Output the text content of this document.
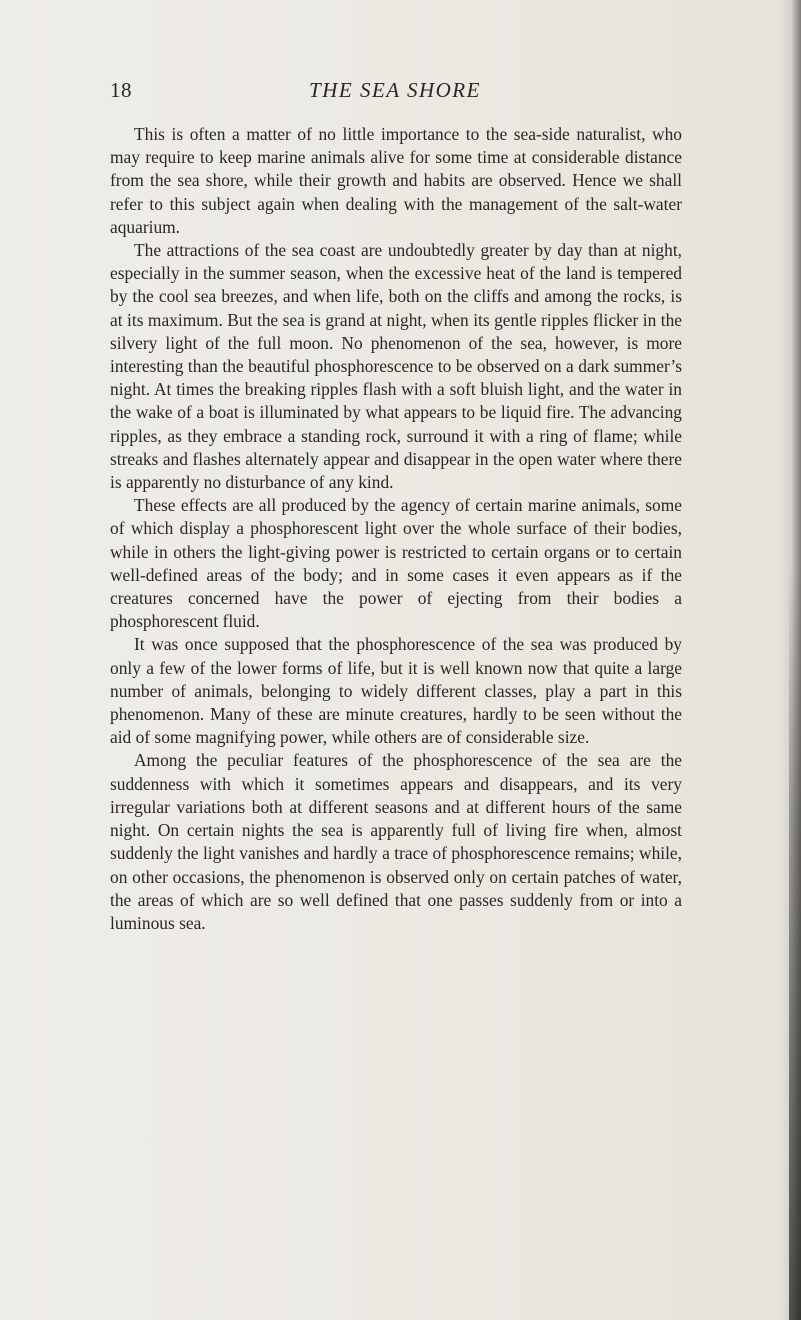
18	THE SEA SHORE

This is often a matter of no little importance to the sea-side naturalist, who may require to keep marine animals alive for some time at considerable distance from the sea shore, while their growth and habits are observed. Hence we shall refer to this subject again when dealing with the management of the salt-water aquarium.

The attractions of the sea coast are undoubtedly greater by day than at night, especially in the summer season, when the excessive heat of the land is tempered by the cool sea breezes, and when life, both on the cliffs and among the rocks, is at its maximum. But the sea is grand at night, when its gentle ripples flicker in the silvery light of the full moon. No phenomenon of the sea, however, is more interesting than the beautiful phosphorescence to be observed on a dark summer’s night. At times the breaking ripples flash with a soft bluish light, and the water in the wake of a boat is illuminated by what appears to be liquid fire. The advancing ripples, as they embrace a standing rock, surround it with a ring of flame; while streaks and flashes alternately appear and disappear in the open water where there is apparently no disturbance of any kind.

These effects are all produced by the agency of certain marine animals, some of which display a phosphorescent light over the whole surface of their bodies, while in others the light-giving power is restricted to certain organs or to certain well-defined areas of the body; and in some cases it even appears as if the creatures concerned have the power of ejecting from their bodies a phosphorescent fluid.

It was once supposed that the phosphorescence of the sea was produced by only a few of the lower forms of life, but it is well known now that quite a large number of animals, belonging to widely different classes, play a part in this phenomenon. Many of these are minute creatures, hardly to be seen without the aid of some magnifying power, while others are of considerable size.

Among the peculiar features of the phosphorescence of the sea are the suddenness with which it sometimes appears and disappears, and its very irregular variations both at different seasons and at different hours of the same night. On certain nights the sea is apparently full of living fire when, almost suddenly the light vanishes and hardly a trace of phosphorescence remains; while, on other occasions, the phenomenon is observed only on certain patches of water, the areas of which are so well defined that one passes suddenly from or into a luminous sea.
